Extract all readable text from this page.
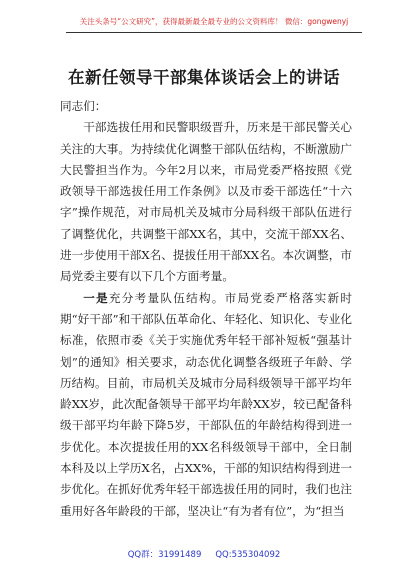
关注头条号“公文研究”，获得最新最全最专业的公文资料库！ 微信：gongwenyj
在新任领导干部集体谈话会上的讲话

同志们：

干部选拔任用和民警职级晋升，历来是干部民警关心关注的大事。为持续优化调整干部队伍结构，不断激励广大民警担当作为。今年2月以来，市局党委严格按照《党政领导干部选拔任用工作条例》以及市委干部选任“十六字”操作规范，对市局机关及城市分局科级干部队伍进行了调整优化，共调整干部XX名，其中，交流干部XX名、进一步使用干部X名、提拔任用干部XX名。本次调整，市局党委主要有以下几个方面考量。

一是充分考量队伍结构。市局党委严格落实新时期“好干部”和干部队伍革命化、年轻化、知识化、专业化标准，依照市委《关于实施优秀年轻干部补短板“强基计划”的通知》相关要求，动态优化调整各级班子年龄、学历结构。目前，市局机关及城市分局科级领导干部平均年龄XX岁，此次配备领导干部平均年龄XX岁，较已配备科级干部平均年龄下降5岁，干部队伍的年龄结构得到进一步优化。本次提拔任用的XX名科级领导干部中，全日制本科及以上学历X名，占XX%，干部的知识结构得到进一步优化。在抓好优秀年轻干部选拔任用的同时，我们也注重用好各年龄段的干部，坚决让“有为者有位”，为“担当

QQ群：31991489 QQ:535304092
